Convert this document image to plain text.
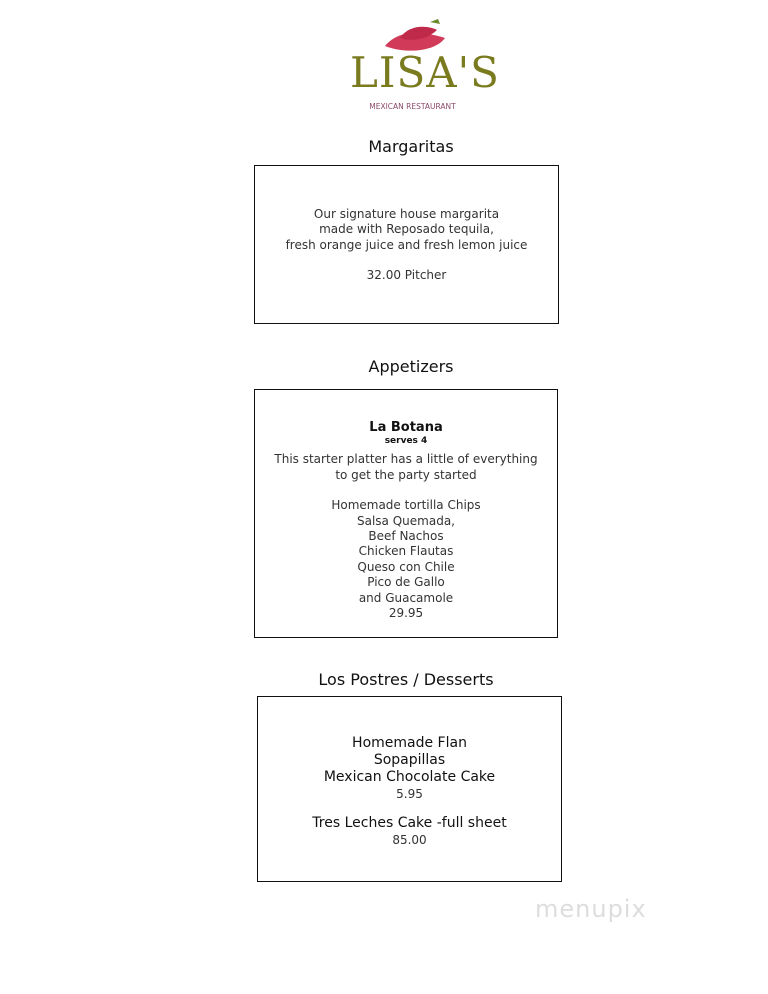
LISA'S
MEXICAN RESTAURANT
Margaritas
Our signature house margarita
made with Reposado tequila,
fresh orange juice and fresh lemon juice
32.00 Pitcher
Appetizers
La Botana
serves 4
This starter platter has a little of everything
to get the party started
Homemade tortilla Chips
Salsa Quemada,
Beef Nachos
Chicken Flautas
Queso con Chile
Pico de Gallo
and Guacamole
29.95
Los Postres / Desserts
Homemade Flan
Sopapillas
Mexican Chocolate Cake
5.95
Tres Leches Cake -full sheet
85.00
menupix
